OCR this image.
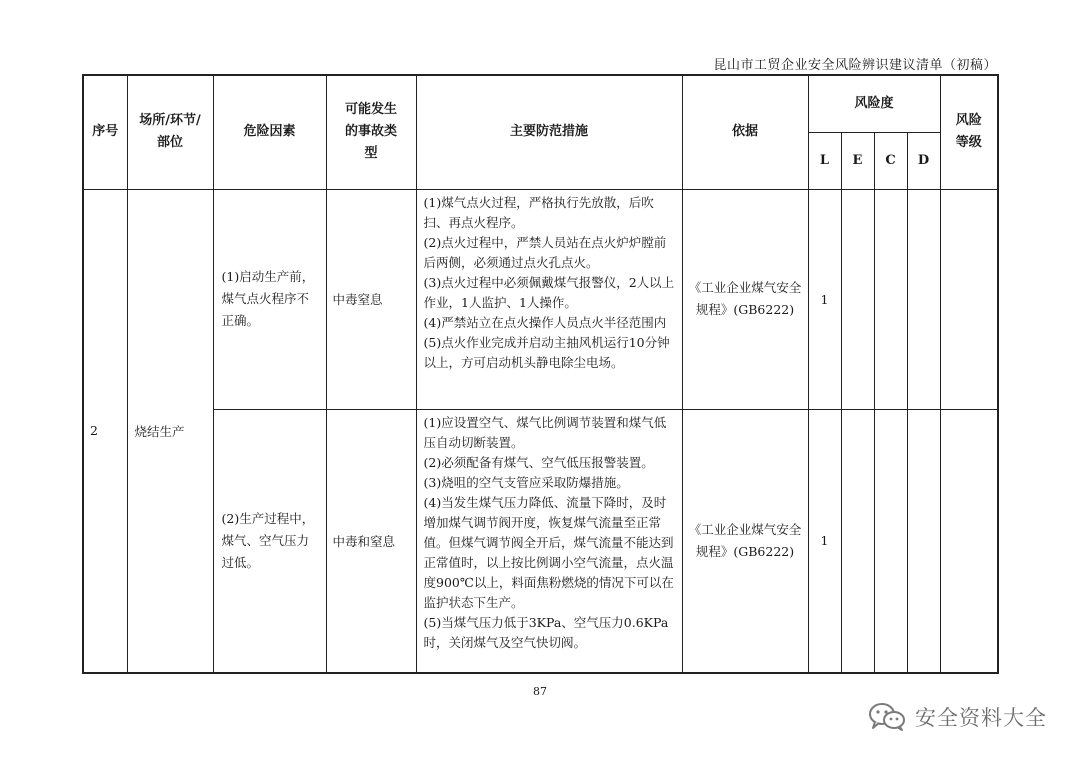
昆山市工贸企业安全风险辨识建议清单（初稿）
序号	场所/环节/部位	危险因素	可能发生的事故类型	主要防范措施	依据	风险度				风险等级
						L	E	C	D	
2	烧结生产	(1)启动生产前，煤气点火程序不正确。	中毒窒息	(1)煤气点火过程，严格执行先放散，后吹扫、再点火程序。
(2)点火过程中，严禁人员站在点火炉炉膛前后两侧，必须通过点火孔点火。
(3)点火过程中必须佩戴煤气报警仪，2人以上作业，1人监护、1人操作。
(4)严禁站立在点火操作人员点火半径范围内
(5)点火作业完成并启动主抽风机运行10分钟以上，方可启动机头静电除尘电场。	《工业企业煤气安全规程》(GB6222)	1				
		(2)生产过程中，煤气、空气压力过低。	中毒和窒息	(1)应设置空气、煤气比例调节装置和煤气低压自动切断装置。
(2)必须配备有煤气、空气低压报警装置。
(3)烧咀的空气支管应采取防爆措施。
(4)当发生煤气压力降低、流量下降时，及时增加煤气调节阀开度，恢复煤气流量至正常值。但煤气调节阀全开后，煤气流量不能达到正常值时，以上按比例调小空气流量，点火温度900℃以上，料面焦粉燃烧的情况下可以在监护状态下生产。
(5)当煤气压力低于3KPa、空气压力0.6KPa时，关闭煤气及空气快切阀。	《工业企业煤气安全规程》(GB6222)	1				
87
安全资料大全
